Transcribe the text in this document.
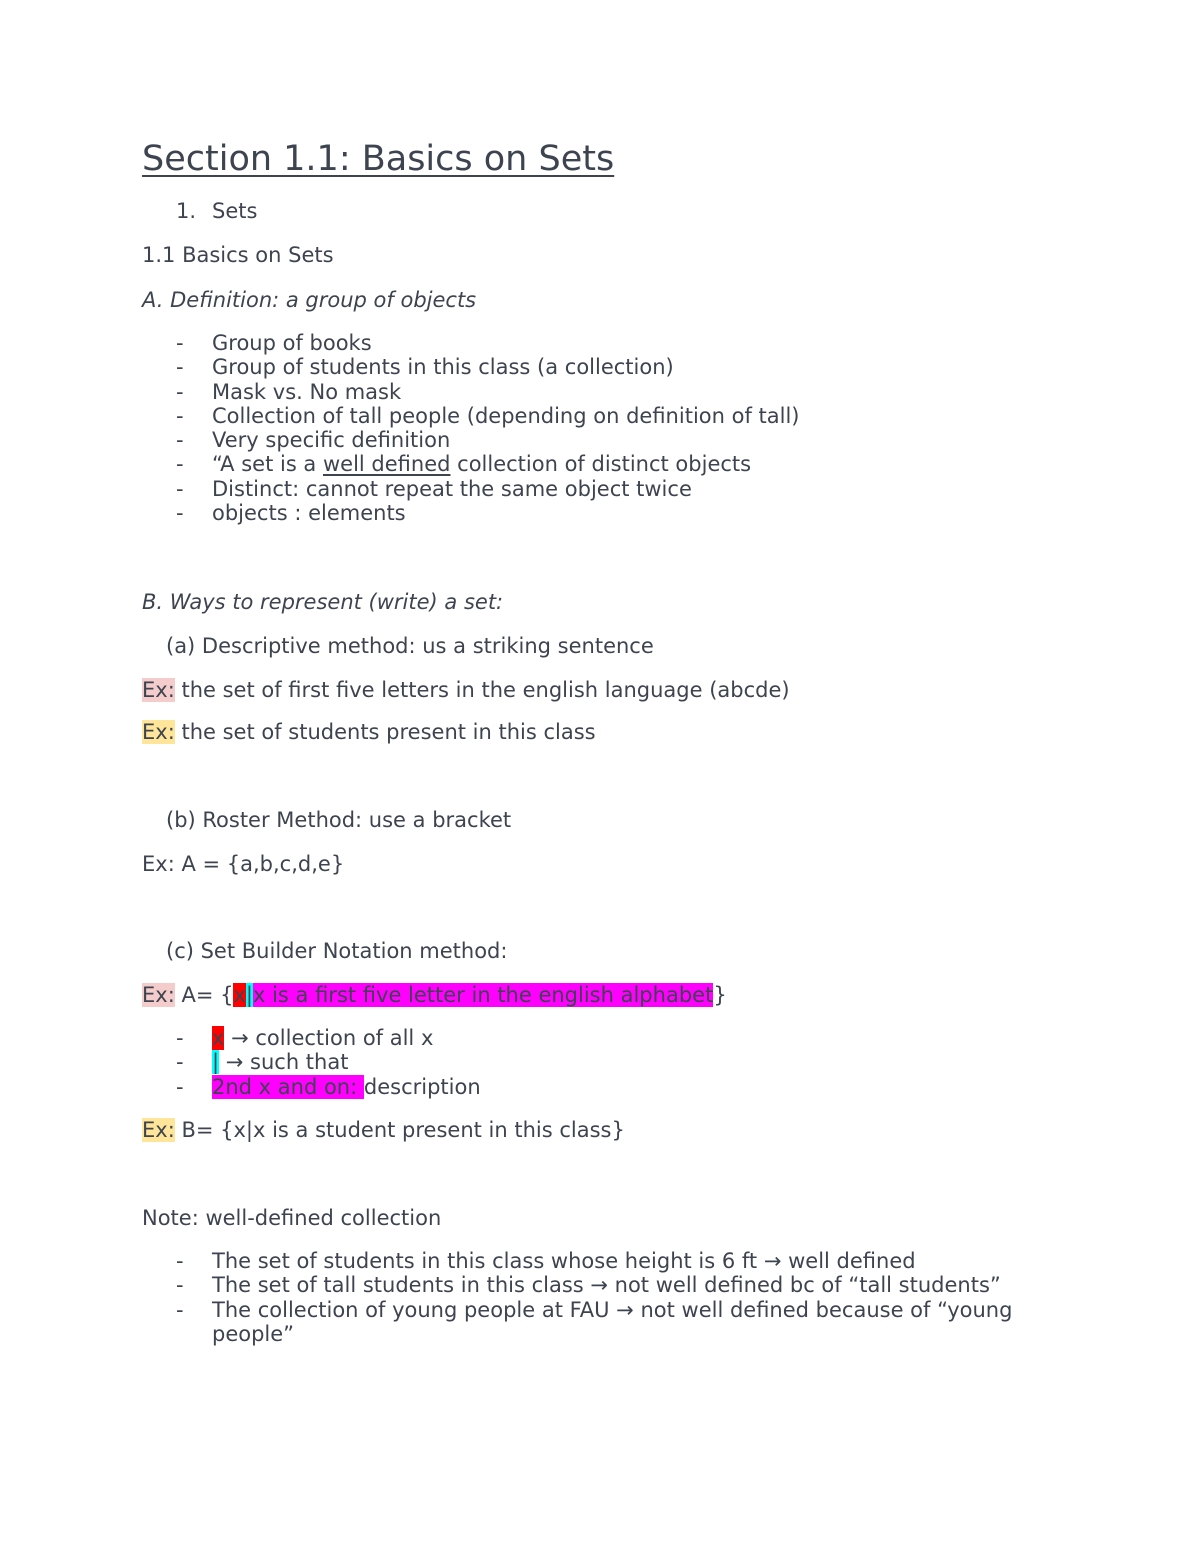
Section 1.1: Basics on Sets
1. Sets
1.1 Basics on Sets
A. Definition: a group of objects
- Group of books
- Group of students in this class (a collection)
- Mask vs. No mask
- Collection of tall people (depending on definition of tall)
- Very specific definition
- “A set is a well defined collection of distinct objects
- Distinct: cannot repeat the same object twice
- objects : elements
B. Ways to represent (write) a set:
(a) Descriptive method: us a striking sentence
Ex: the set of first five letters in the english language (abcde)
Ex: the set of students present in this class
(b) Roster Method: use a bracket
Ex: A = {a,b,c,d,e}
(c) Set Builder Notation method:
Ex: A= {x|x is a first five letter in the english alphabet}
- x → collection of all x
- | → such that
- 2nd x and on: description
Ex: B= {x|x is a student present in this class}
Note: well-defined collection
- The set of students in this class whose height is 6 ft → well defined
- The set of tall students in this class → not well defined bc of “tall students”
- The collection of young people at FAU → not well defined because of “young people”
